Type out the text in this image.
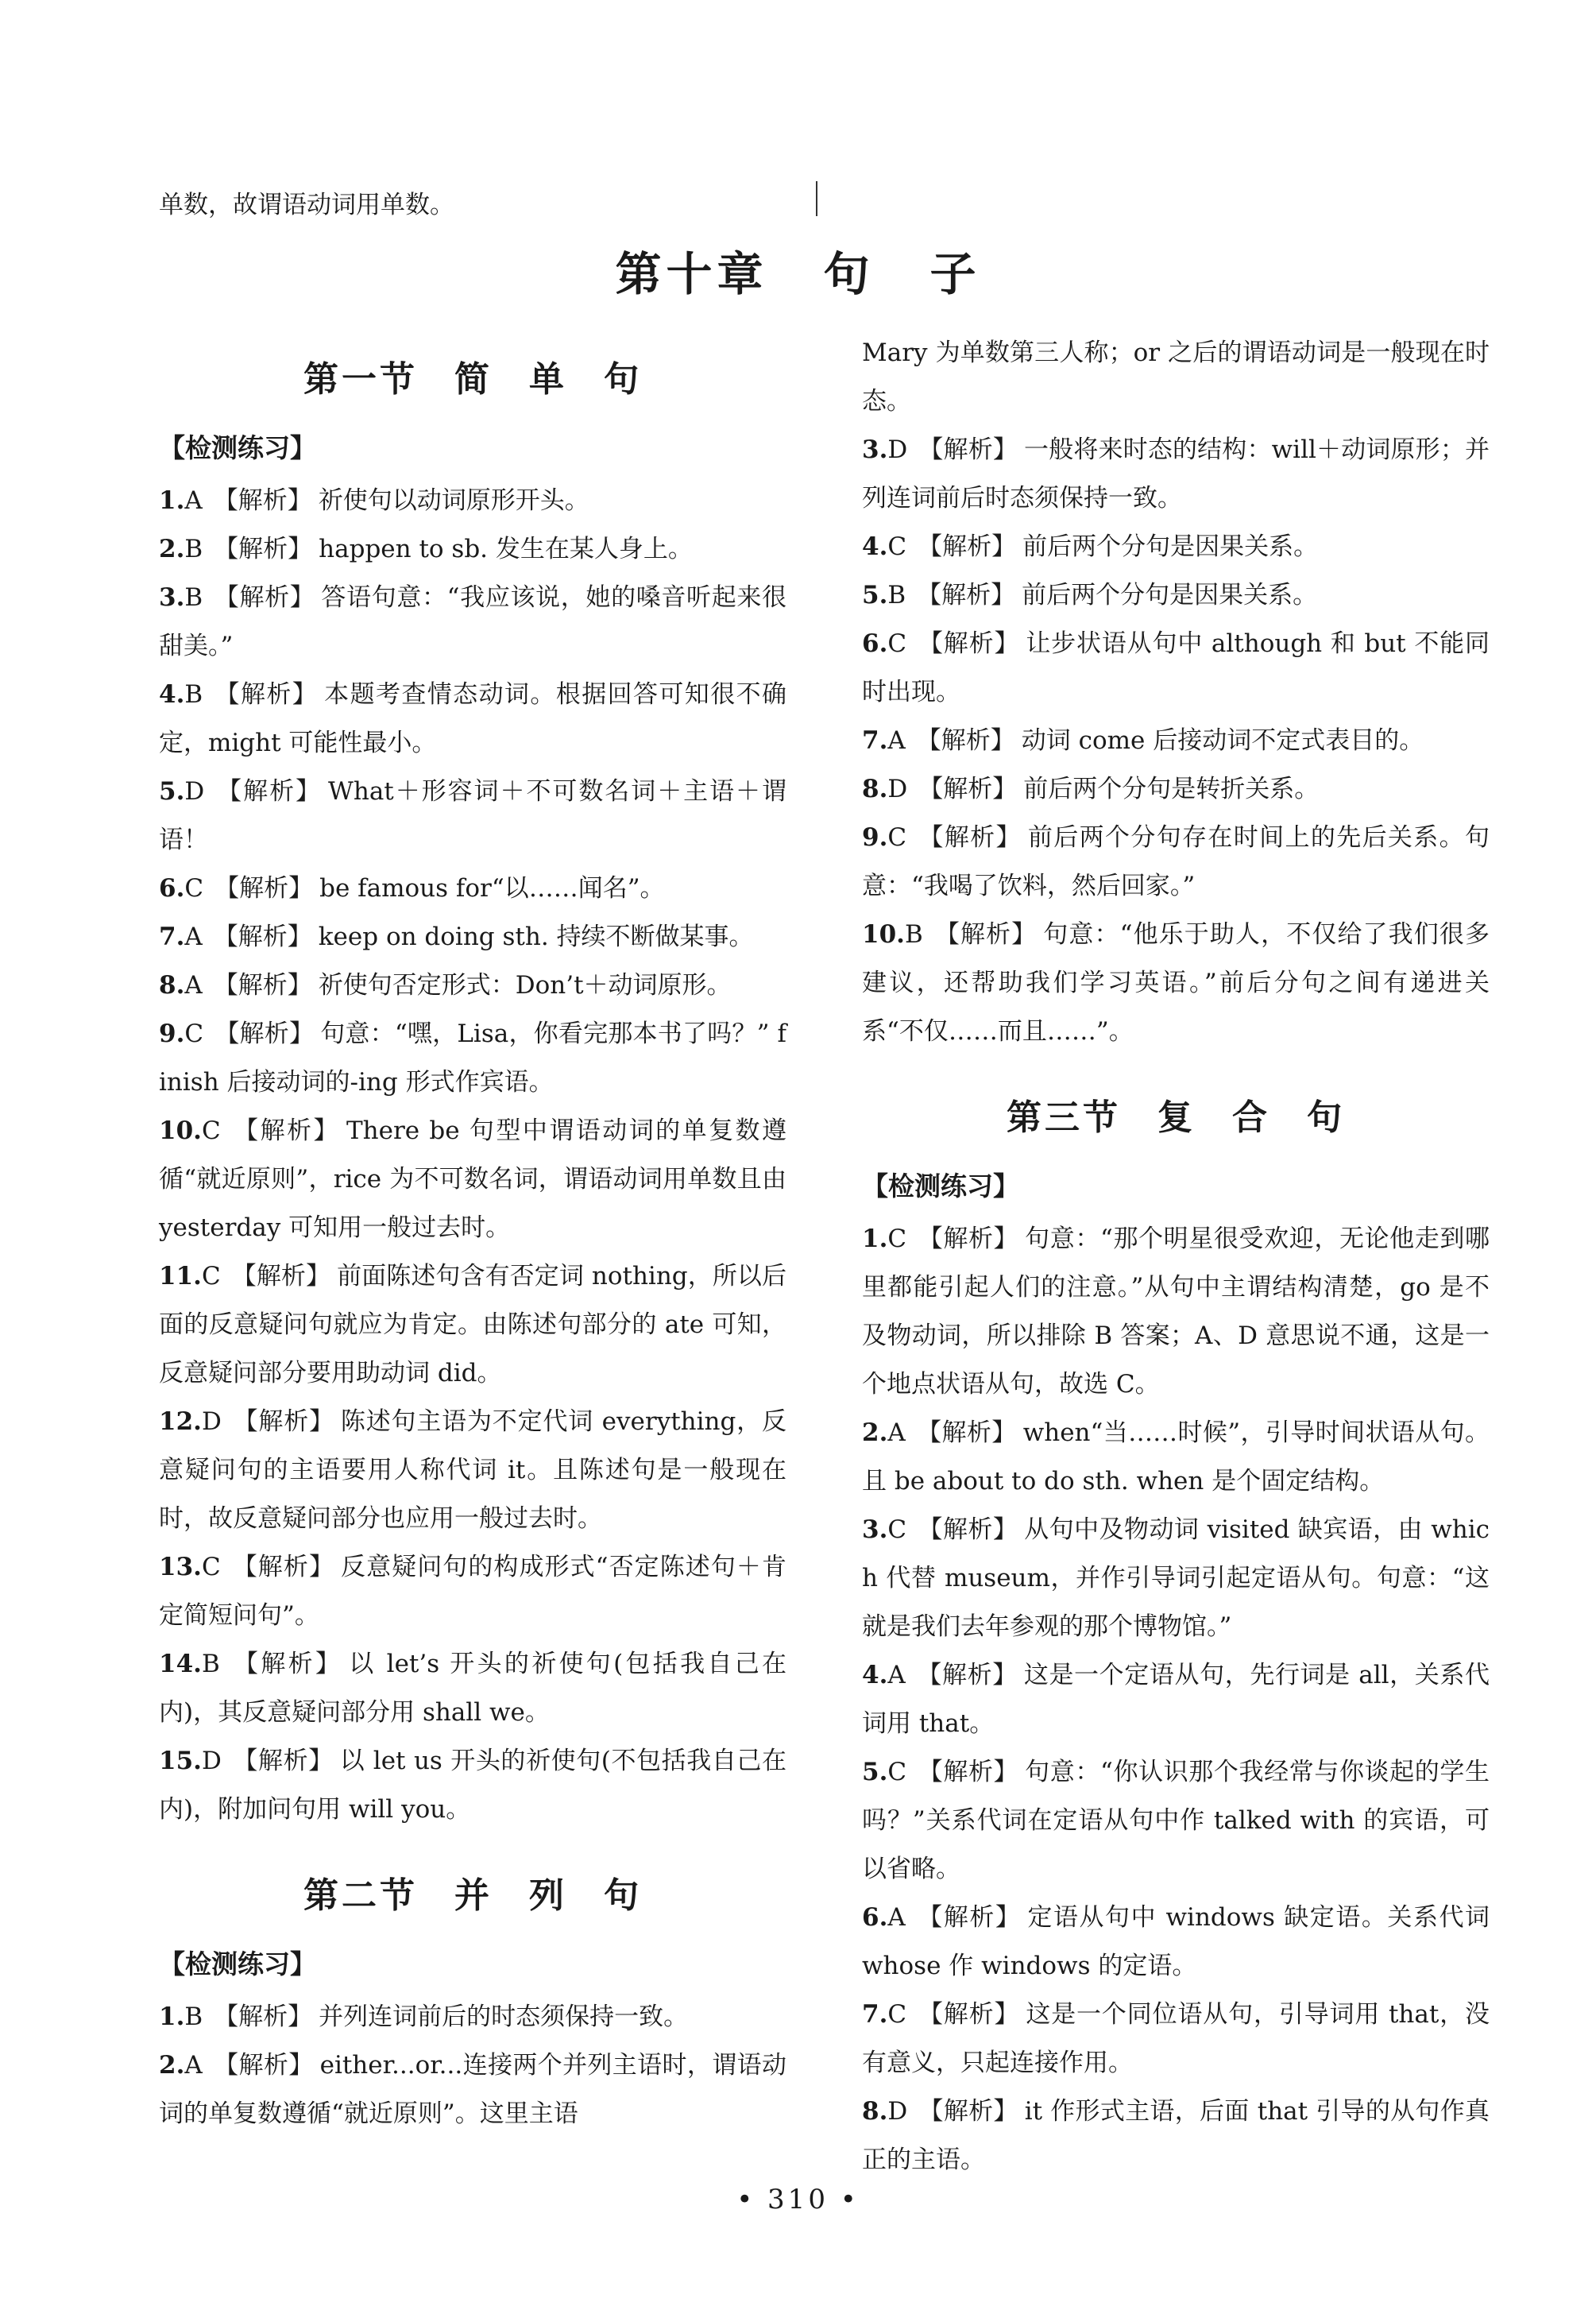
单数，故谓语动词用单数。
第十章 句 子
第一节 简 单 句
【检测练习】
1.A 【解析】 祈使句以动词原形开头。
2.B 【解析】 happen to sb. 发生在某人身上。
3.B 【解析】 答语句意：“我应该说，她的嗓音听起来很甜美。”
4.B 【解析】 本题考查情态动词。根据回答可知很不确定，might 可能性最小。
5.D 【解析】 What＋形容词＋不可数名词＋主语＋谓语！
6.C 【解析】 be famous for“以……闻名”。
7.A 【解析】 keep on doing sth. 持续不断做某事。
8.A 【解析】 祈使句否定形式：Don’t＋动词原形。
9.C 【解析】 句意：“嘿，Lisa，你看完那本书了吗？” finish 后接动词的-ing 形式作宾语。
10.C 【解析】 There be 句型中谓语动词的单复数遵循“就近原则”，rice 为不可数名词，谓语动词用单数且由 yesterday 可知用一般过去时。
11.C 【解析】 前面陈述句含有否定词 nothing，所以后面的反意疑问句就应为肯定。由陈述句部分的 ate 可知，反意疑问部分要用助动词 did。
12.D 【解析】 陈述句主语为不定代词 everything，反意疑问句的主语要用人称代词 it。且陈述句是一般现在时，故反意疑问部分也应用一般过去时。
13.C 【解析】 反意疑问句的构成形式“否定陈述句＋肯定简短问句”。
14.B 【解析】 以 let’s 开头的祈使句(包括我自己在内)，其反意疑问部分用 shall we。
15.D 【解析】 以 let us 开头的祈使句(不包括我自己在内)，附加问句用 will you。
第二节 并 列 句
【检测练习】
1.B 【解析】 并列连词前后的时态须保持一致。
2.A 【解析】 either...or...连接两个并列主语时，谓语动词的单复数遵循“就近原则”。这里主语
Mary 为单数第三人称；or 之后的谓语动词是一般现在时态。
3.D 【解析】 一般将来时态的结构：will＋动词原形；并列连词前后时态须保持一致。
4.C 【解析】 前后两个分句是因果关系。
5.B 【解析】 前后两个分句是因果关系。
6.C 【解析】 让步状语从句中 although 和 but 不能同时出现。
7.A 【解析】 动词 come 后接动词不定式表目的。
8.D 【解析】 前后两个分句是转折关系。
9.C 【解析】 前后两个分句存在时间上的先后关系。句意：“我喝了饮料，然后回家。”
10.B 【解析】 句意：“他乐于助人，不仅给了我们很多建议，还帮助我们学习英语。”前后分句之间有递进关系“不仅……而且……”。
第三节 复 合 句
【检测练习】
1.C 【解析】 句意：“那个明星很受欢迎，无论他走到哪里都能引起人们的注意。”从句中主谓结构清楚，go 是不及物动词，所以排除 B 答案；A、D 意思说不通，这是一个地点状语从句，故选 C。
2.A 【解析】 when“当……时候”，引导时间状语从句。且 be about to do sth. when 是个固定结构。
3.C 【解析】 从句中及物动词 visited 缺宾语，由 which 代替 museum，并作引导词引起定语从句。句意：“这就是我们去年参观的那个博物馆。”
4.A 【解析】 这是一个定语从句，先行词是 all，关系代词用 that。
5.C 【解析】 句意：“你认识那个我经常与你谈起的学生吗？”关系代词在定语从句中作 talked with 的宾语，可以省略。
6.A 【解析】 定语从句中 windows 缺定语。关系代词 whose 作 windows 的定语。
7.C 【解析】 这是一个同位语从句，引导词用 that，没有意义，只起连接作用。
8.D 【解析】 it 作形式主语，后面 that 引导的从句作真正的主语。
• 310 •
